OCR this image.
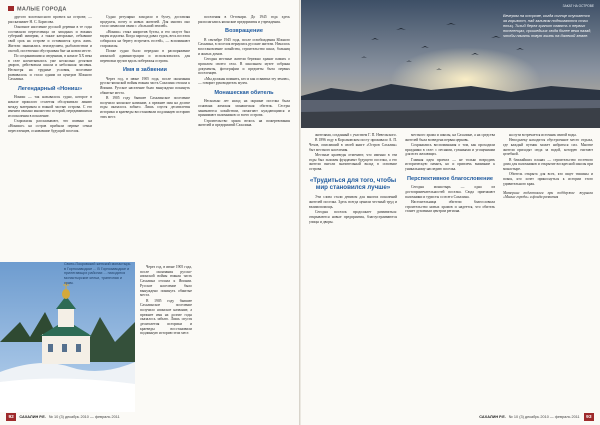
МАЛЫЕ ГОРОДА

другого золотоносного проекта на острове, — рассказывает Н. С. Борисова.

Основное население русской деревни в те годы составляли переселенцы из западных и южных губерний империи, а также каторжане, отбывшие свой срок на острове и оставшиеся здесь жить. Жители занимались земледелием, рыболовством и охотой, постепенно обустраивая быт на новом месте.

По сохранившимся сведениям, в начале XX века в селе насчитывалось уже несколько десятков дворов, действовала школа и небольшая часовня. Несмотря на трудные условия, поселение развивалось и стало одним из центров Южного Сахалина.

Легендарный «Нониш»

Нониш — так называлось судно, которое в начале прошлого столетия обслуживало линию между материком и южной частью острова. С его именем связано множество историй, передававшихся из поколения в поколение.

Старожилы рассказывают, что именно на «Нонише» на остров прибыли первые семьи переселенцев, основавшие будущий поселок.

Свято-Покровский женский монастырь в Горнозаводске ... В Горнозаводске и прилегающих районах ... находятся монастырские кельи, трапезная и храм.

Судно регулярно заходило в бухту, доставляя продукты, почту и новых жителей. Для многих оно стало символом связи с «большой землей».

«Нониш» стоял напротив бухты, и его силуэт был виден издалека. Когда пароход давал гудок, весь поселок собирался на берегу встречать гостей», — вспоминают старожилы.

Позже судно было передано в распоряжение японской администрации и использовалось для перевозки грузов вдоль побережья острова.

Имя в забвении

Через год, в июне 1905 года, после окончания русско-японской войны южная часть Сахалина отошла к Японии. Русское население было вынуждено покинуть обжитые места.

В 1905 году бывшее Сахалинское поселение получило японское название, а прежнее имя на долгие годы оказалось забыто. Лишь спустя десятилетия историки и краеведы восстановили подлинную историю этих мест.

поселения в Оттомари. До 1945 года здесь располагались японские предприятия и учреждения.

Возвращение

В сентябре 1945 года, после освобождения Южного Сахалина, в поселок вернулись русские жители. Началось восстановление хозяйства, строительство школ, больниц и жилых домов.

Сегодня местные жители бережно хранят память о прошлом своего села. В школьном музее собраны документы, фотографии и предметы быта первых поселенцев.

«Мы должны помнить, кто и как осваивал эту землю», — говорит руководитель музея.

Монашеская обитель

Несколько лет назад на окраине поселка была основана женская монашеская обитель. Сестры занимаются хозяйством, помогают нуждающимся и принимают паломников со всего острова.

Строительство храма велось на пожертвования жителей и предприятий Сахалина.

Через год, в июне 1905 года, после окончания русско-японской войны южная часть Сахалина отошла к Японии. Русское население было вынуждено покинуть обжитые места.

В 1905 году бывшее Сахалинское поселение получило японское название, а прежнее имя на долгие годы оказалось забыто. Лишь спустя десятилетия историки и краеведы восстановили подлинную историю этих мест.

92	САХАЛИН Р.Е. № 10 (3) декабрь 2010 — февраль 2011
ЗАКАТ НА ОСТРОВЕ
Вечером на острове, когда солнце опускается за горизонт, над заливом поднимаются стаи птиц. Тихий берег хранит память о первых поселенцах, пришедших сюда более века назад, чтобы начать новую жизнь на далекой земле.

жителями, созданный с участием Г. П. Невельского.

В 1896 году в Корсаковском посту проживало А. П. Чехов, описавший в своей книге «Остров Сахалин» быт местного населения.

Местные краеведы отмечают, что именно в эти годы был заложен фундамент будущего поселка, а его жители внесли значительный вклад в освоение острова.

«Трудиться для того, чтобы мир становился лучше»

Эти слова стали девизом для многих поколений жителей поселка. Здесь всегда ценили честный труд и взаимопомощь.

Сегодня поселок продолжает развиваться: открываются новые предприятия, благоустраиваются улицы и дворы.

местного храма и школы, на Сахалине, а на средства жителей была возведена первая церковь.

Сохранились воспоминания о том, как проходили праздники в селе: с песнями, гуляньями и угощениями для всех желающих.

Главная идея проекта — не только возродить историческую память, но и привлечь внимание к уникальному наследию поселка.

Перспективное благословение

Сегодня монастырь — одна из достопримечательностей поселка. Сюда приезжают паломники и туристы со всего Сахалина.

Настоятельница обители благословила строительство новых храмов и надеется, что обитель станет духовным центром региона.

на пути встречается источник святой воды.

Неподалеку находится обустроенное место отдыха, где каждый путник может набраться сил. Многие жители приходят сюда за водой, которую считают целебной.

В ближайших планах — строительство гостевого дома для паломников и открытие воскресной школы при монастыре.

Обитель открыта для всех, кто ищет тишины и покоя, кто хочет прикоснуться к истории этого удивительного края.

Материал подготовлен при поддержке журнала «Малые города» и фонда развития
САХАЛИН Р.Е. № 10 (3) декабрь 2010 — февраль 2011	93
